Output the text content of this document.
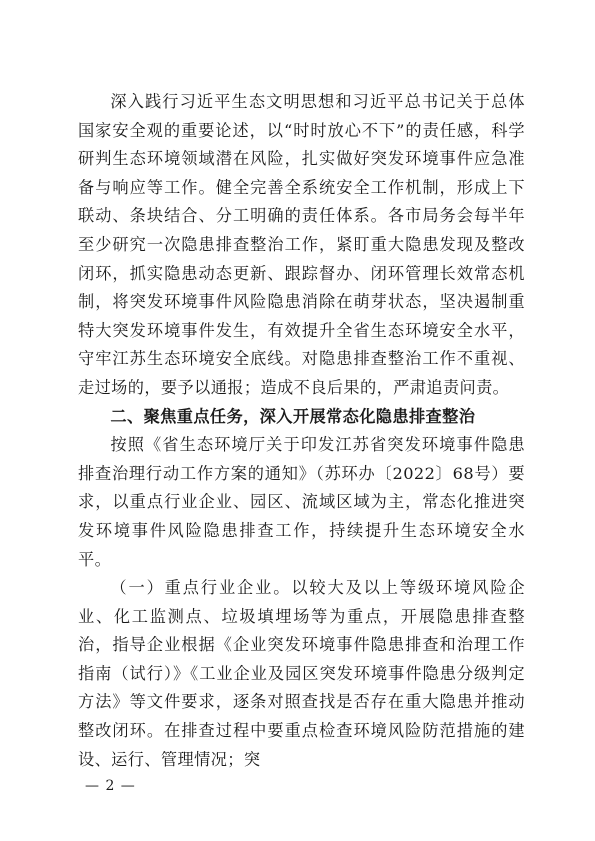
深入践行习近平生态文明思想和习近平总书记关于总体国家安全观的重要论述，以“时时放心不下”的责任感，科学研判生态环境领域潜在风险，扎实做好突发环境事件应急准备与响应等工作。健全完善全系统安全工作机制，形成上下联动、条块结合、分工明确的责任体系。各市局务会每半年至少研究一次隐患排查整治工作，紧盯重大隐患发现及整改闭环，抓实隐患动态更新、跟踪督办、闭环管理长效常态机制，将突发环境事件风险隐患消除在萌芽状态，坚决遏制重特大突发环境事件发生，有效提升全省生态环境安全水平，守牢江苏生态环境安全底线。对隐患排查整治工作不重视、走过场的，要予以通报；造成不良后果的，严肃追责问责。

二、聚焦重点任务，深入开展常态化隐患排查整治

按照《省生态环境厅关于印发江苏省突发环境事件隐患排查治理行动工作方案的通知》（苏环办〔2022〕68号）要求，以重点行业企业、园区、流域区域为主，常态化推进突发环境事件风险隐患排查工作，持续提升生态环境安全水平。

（一）重点行业企业。以较大及以上等级环境风险企业、化工监测点、垃圾填埋场等为重点，开展隐患排查整治，指导企业根据《企业突发环境事件隐患排查和治理工作指南（试行）》《工业企业及园区突发环境事件隐患分级判定方法》等文件要求，逐条对照查找是否存在重大隐患并推动整改闭环。在排查过程中要重点检查环境风险防范措施的建设、运行、管理情况；突

— 2 —
